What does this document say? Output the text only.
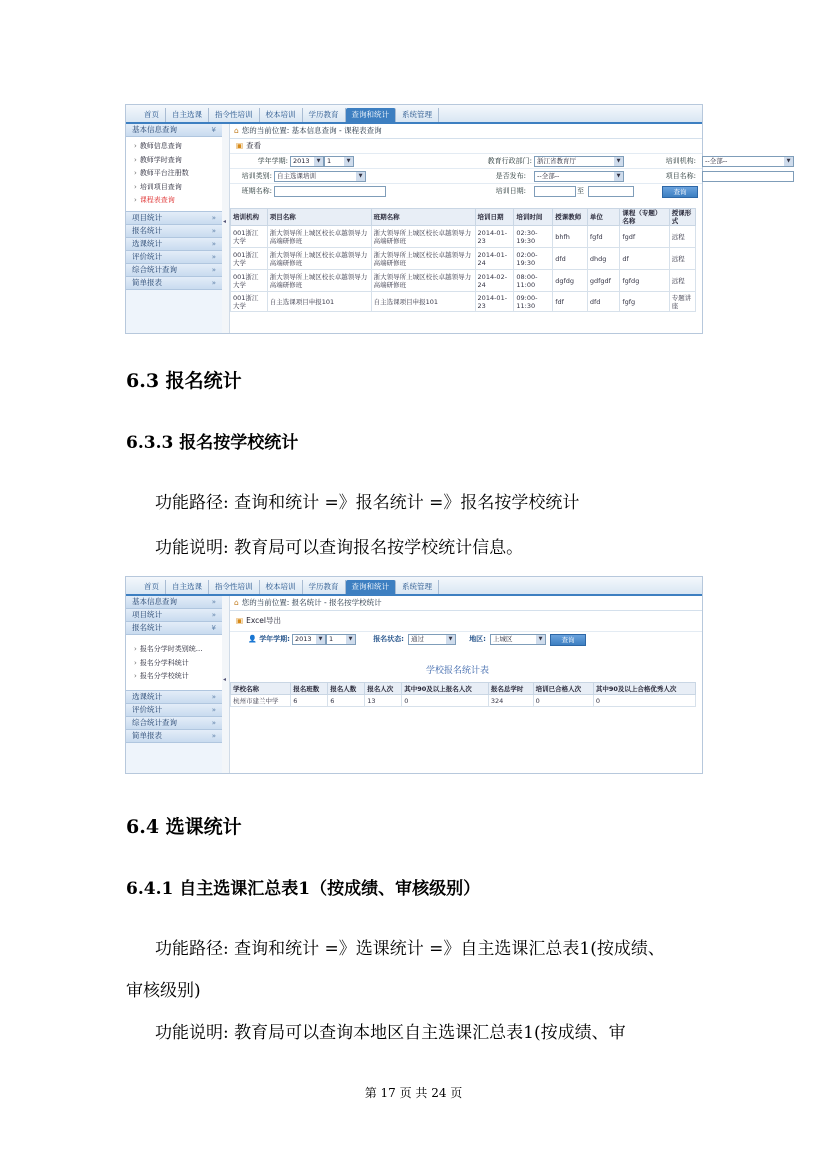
首页	自主选课	指令性培训	校本培训	学历教育	查询和统计	系统管理
基本信息查询	¥
› 教师信息查询
› 教师学时查询
› 教师平台注册数
› 培训项目查询
› 课程表查询
项目统计	»
报名统计	»
选课统计	»
评价统计	»
综合统计查询	»
简单报表	»
◂
⌂ 您的当前位置: 基本信息查询 - 课程表查询
▣ 查看
学年学期: 2013	▼	1	▼	教育行政部门: 浙江省教育厅	▼	培训机构:	--全部--	▼
培训类别: 自主选课培训	▼	是否发布:	--全部--	▼	项目名称:
班期名称:	培训日期:	至	查询
培训机构	项目名称	班期名称	培训日期	培训时间	授课教师	单位	课程（专题）名称	授课形式
001浙江大学	浙大领导所上城区校长卓越领导力高端研修班	浙大领导所上城区校长卓越领导力高端研修班	2014-01-23	02:30-19:30	bhfh	fgfd	fgdf	远程
001浙江大学	浙大领导所上城区校长卓越领导力高端研修班	浙大领导所上城区校长卓越领导力高端研修班	2014-01-24	02:00-19:30	dfd	dhdg	df	远程
001浙江大学	浙大领导所上城区校长卓越领导力高端研修班	浙大领导所上城区校长卓越领导力高端研修班	2014-02-24	08:00-11:00	dgfdg	gdfgdf	fgfdg	远程
001浙江大学	自主选课项目申报101	自主选课项目申报101	2014-01-23	09:00-11:30	fdf	dfd	fgfg	专题讲座
6.3 报名统计
6.3.3 报名按学校统计
功能路径: 查询和统计 =》报名统计 =》报名按学校统计
功能说明: 教育局可以查询报名按学校统计信息。
首页	自主选课	指令性培训	校本培训	学历教育	查询和统计	系统管理
基本信息查询	»
项目统计	»
报名统计	¥
› 报名分学时类别统...
› 报名分学科统计
› 报名分学校统计
选课统计	»
评价统计	»
综合统计查询	»
简单报表	»
◂
⌂ 您的当前位置: 报名统计 - 报名按学校统计
▣ Excel导出
👤 学年学期: 2013	▼	1	▼	报名状态:	通过	▼	地区:	上城区	▼	查询
学校报名统计表
学校名称	报名班数	报名人数	报名人次	其中90及以上报名人次	报名总学时	培训已合格人次	其中90及以上合格优秀人次
杭州市建兰中学	6	6	13	0	324	0	0
6.4 选课统计
6.4.1 自主选课汇总表1（按成绩、审核级别）
功能路径: 查询和统计 =》选课统计 =》自主选课汇总表1(按成绩、
审核级别)
功能说明: 教育局可以查询本地区自主选课汇总表1(按成绩、审
第 17 页 共 24 页
